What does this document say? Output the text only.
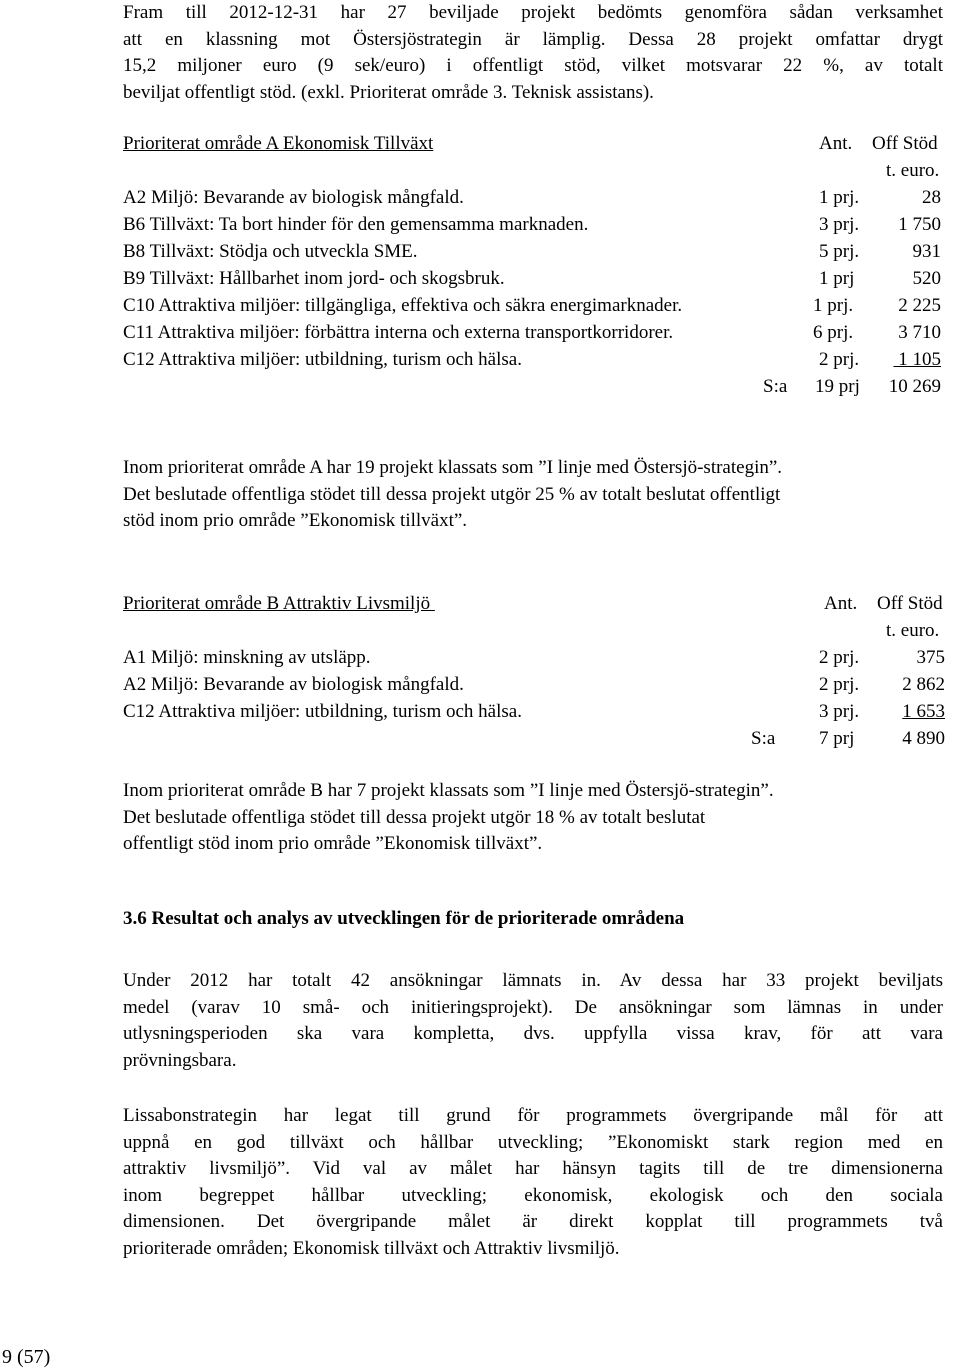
Fram till 2012-12-31 har 27 beviljade projekt bedömts genomföra sådan verksamhet
att en klassning mot Östersjöstrategin är lämplig. Dessa 28 projekt omfattar drygt
15,2 miljoner euro (9 sek/euro) i offentligt stöd, vilket motsvarar 22 %, av totalt
beviljat offentligt stöd. (exkl. Prioriterat område 3. Teknisk assistans).
Prioriterat område A Ekonomisk Tillväxt	Ant. Off Stöd
t. euro.
A2 Miljö: Bevarande av biologisk mångfald.	1 prj.	28
B6 Tillväxt: Ta bort hinder för den gemensamma marknaden.	3 prj. 1 750
B8 Tillväxt: Stödja och utveckla SME.	5 prj.	931
B9 Tillväxt: Hållbarhet inom jord- och skogsbruk.	1 prj	520
C10 Attraktiva miljöer: tillgängliga, effektiva och säkra energimarknader.	1 prj. 2 225
C11 Attraktiva miljöer: förbättra interna och externa transportkorridorer.	6 prj. 3 710
C12 Attraktiva miljöer: utbildning, turism och hälsa.	2 prj. 1 105
S:a 19 prj 10 269
Inom prioriterat område A har 19 projekt klassats som ”I linje med Östersjö-strategin”.
Det beslutade offentliga stödet till dessa projekt utgör 25 % av totalt beslutat offentligt
stöd inom prio område ”Ekonomisk tillväxt”.
Prioriterat område B Attraktiv Livsmiljö	Ant. Off Stöd
t. euro.
A1 Miljö: minskning av utsläpp.	2 prj.	375
A2 Miljö: Bevarande av biologisk mångfald.	2 prj. 2 862
C12 Attraktiva miljöer: utbildning, turism och hälsa.	3 prj. 1 653
S:a 7 prj	4 890
Inom prioriterat område B har 7 projekt klassats som ”I linje med Östersjö-strategin”.
Det beslutade offentliga stödet till dessa projekt utgör 18 % av totalt beslutat
offentligt stöd inom prio område ”Ekonomisk tillväxt”.
3.6 Resultat och analys av utvecklingen för de prioriterade områdena
Under 2012 har totalt 42 ansökningar lämnats in. Av dessa har 33 projekt beviljats
medel (varav 10 små- och initieringsprojekt). De ansökningar som lämnas in under
utlysningsperioden ska vara kompletta, dvs. uppfylla vissa krav, för att vara
prövningsbara.
Lissabonstrategin har legat till grund för programmets övergripande mål för att
uppnå en god tillväxt och hållbar utveckling; ”Ekonomiskt stark region med en
attraktiv livsmiljö”. Vid val av målet har hänsyn tagits till de tre dimensionerna
inom begreppet hållbar utveckling; ekonomisk, ekologisk och den sociala
dimensionen. Det övergripande målet är direkt kopplat till programmets två
prioriterade områden; Ekonomisk tillväxt och Attraktiv livsmiljö.
9 (57)
